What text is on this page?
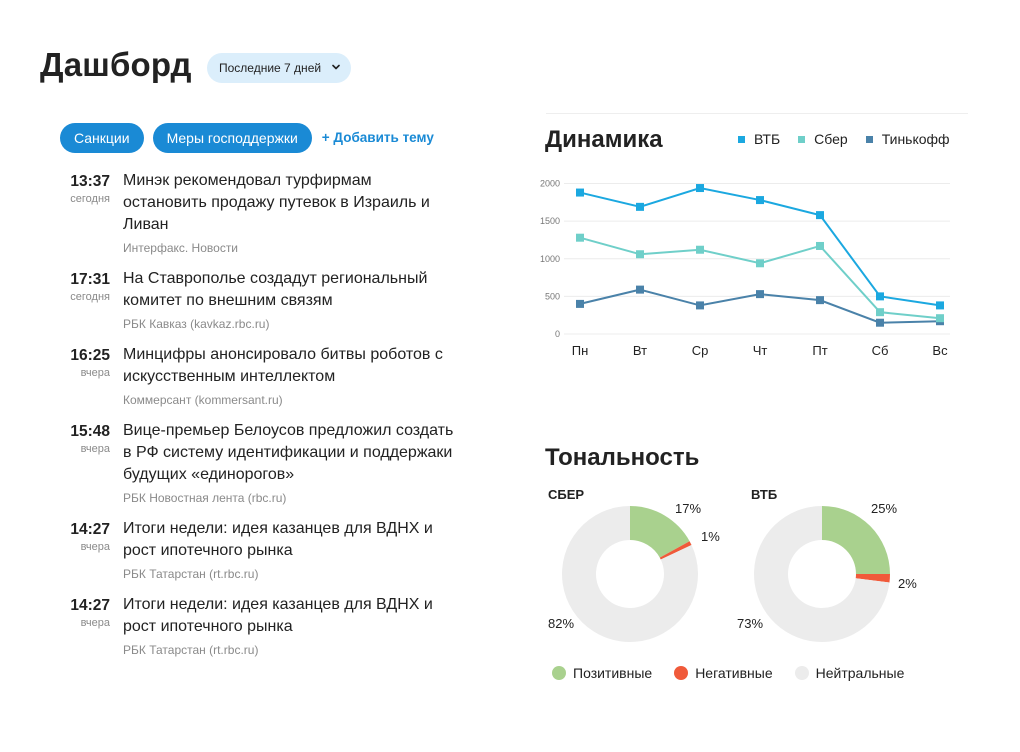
Дашборд	Последние 7 дней
Санкции	Меры господдержки	+ Добавить тему
13:37
сегодня
Минэк рекомендовал турфирмам остановить продажу путевок в Израиль и Ливан
Интерфакс. Новости
17:31
сегодня
На Ставрополье создадут региональный комитет по внешним связям
РБК Кавказ (kavkaz.rbc.ru)
16:25
вчера
Минцифры анонсировало битвы роботов с искусственным интеллектом
Коммерсант (kommersant.ru)
15:48
вчера
Вице-премьер Белоусов предложил создать в РФ систему идентификации и поддержаки будущих «единорогов»
РБК Новостная лента (rbc.ru)
14:27
вчера
Итоги недели: идея казанцев для ВДНХ и рост ипотечного рынка
РБК Татарстан (rt.rbc.ru)
14:27
вчера
Итоги недели: идея казанцев для ВДНХ и рост ипотечного рынка
РБК Татарстан (rt.rbc.ru)
Динамика	ВТБ Сбер Тинькофф
0
500
1000
1500
2000
Пн	Вт	Ср	Чт	Пт	Сб	Вс
Тональность
СБЕР
17%
1%
82%
ВТБ
25%
2%
73%
Позитивные	Негативные	Нейтральные
